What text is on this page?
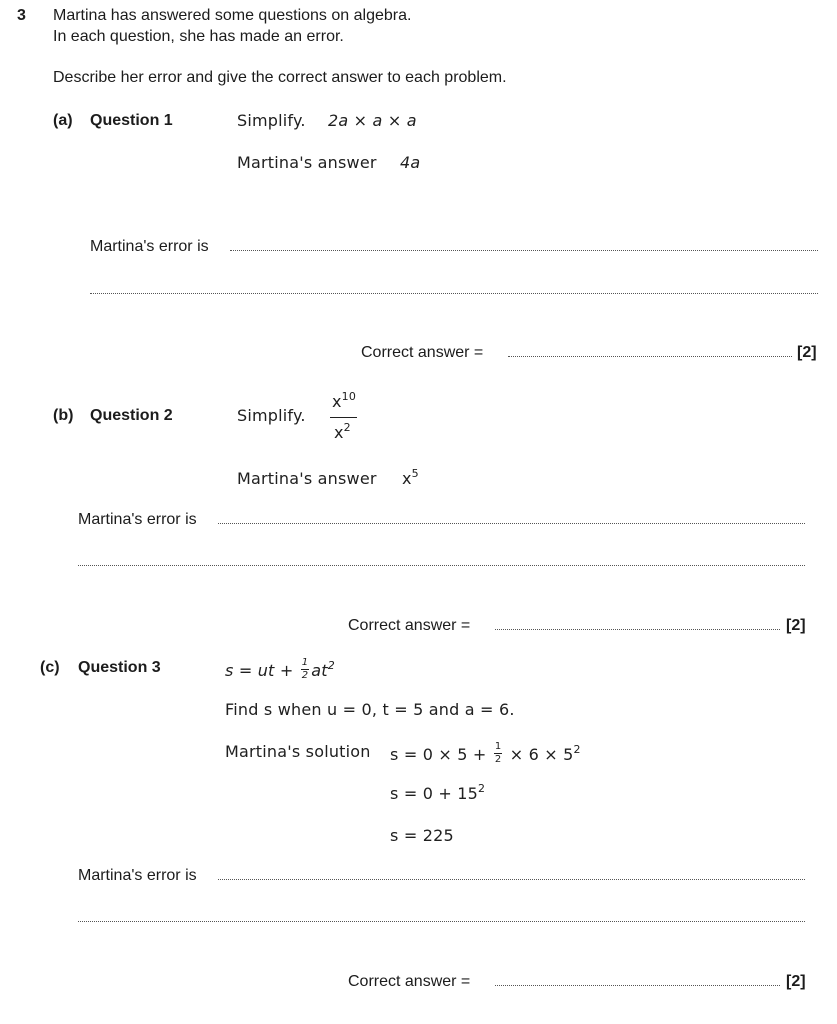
3 Martina has answered some questions on algebra.
In each question, she has made an error.
Describe her error and give the correct answer to each problem.
(a) Question 1	Simplify. 2a × a × a
Martina's answer 4a
Martina's error is
Correct answer =	[2]
(b) Question 2	Simplify.
$x^{10}$
$x^2$
Martina's answer $x^5$
Martina's error is
Correct answer =	[2]
(c) Question 3	s = ut + $\frac{1}{2} at^2$
Find s when u = 0, t = 5 and a = 6.
Martina's solution $s = 0 \times 5 + \frac{1}{2} \times 6 \times 5^2$
$s = 0 + 15^2$
s = 225
Martina's error is
Correct answer =	[2]
